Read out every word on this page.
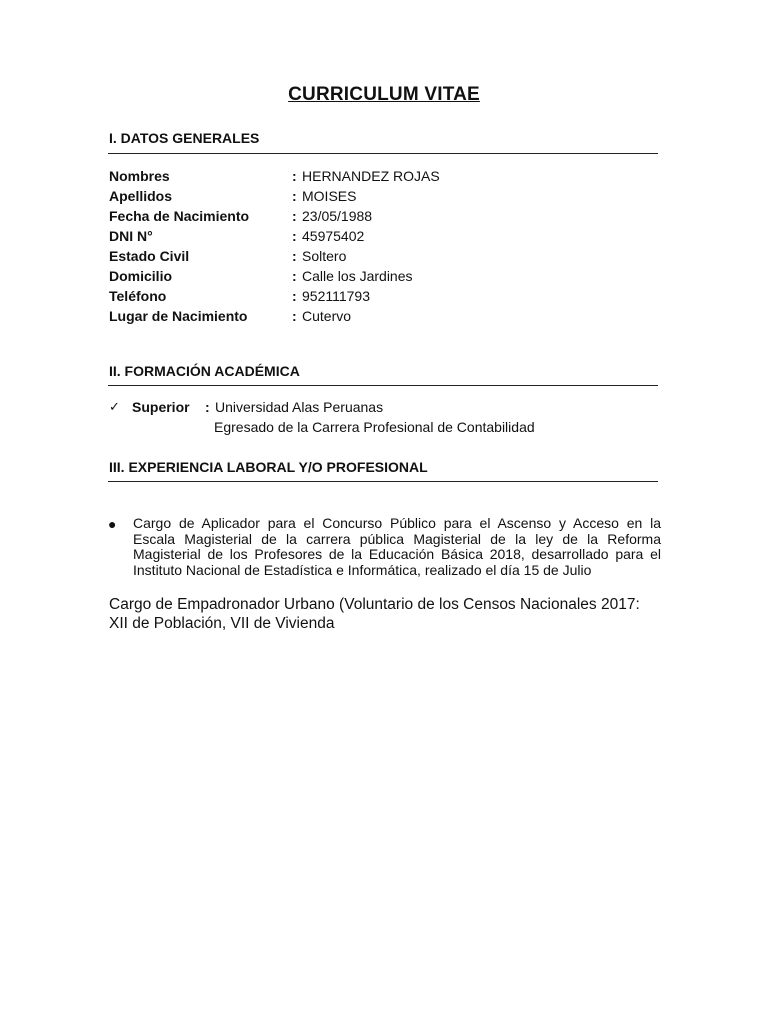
CURRICULUM VITAE
I. DATOS GENERALES
Nombres	: HERNANDEZ ROJAS
Apellidos	: MOISES
Fecha de Nacimiento	: 23/05/1988
DNI N°	: 45975402
Estado Civil	: Soltero
Domicilio	: Calle los Jardines
Teléfono	: 952111793
Lugar de Nacimiento	: Cutervo
II. FORMACIÓN ACADÉMICA
✓ Superior : Universidad Alas Peruanas
Egresado de la Carrera Profesional de Contabilidad
III. EXPERIENCIA LABORAL Y/O PROFESIONAL
● Cargo de Aplicador para el Concurso Público para el Ascenso y Acceso en la
Escala Magisterial de la carrera pública Magisterial de la ley de la Reforma
Magisterial de los Profesores de la Educación Básica 2018, desarrollado para el
Instituto Nacional de Estadística e Informática, realizado el día 15 de Julio
Cargo de Empadronador Urbano (Voluntario de los Censos Nacionales 2017:
XII de Población, VII de Vivienda
